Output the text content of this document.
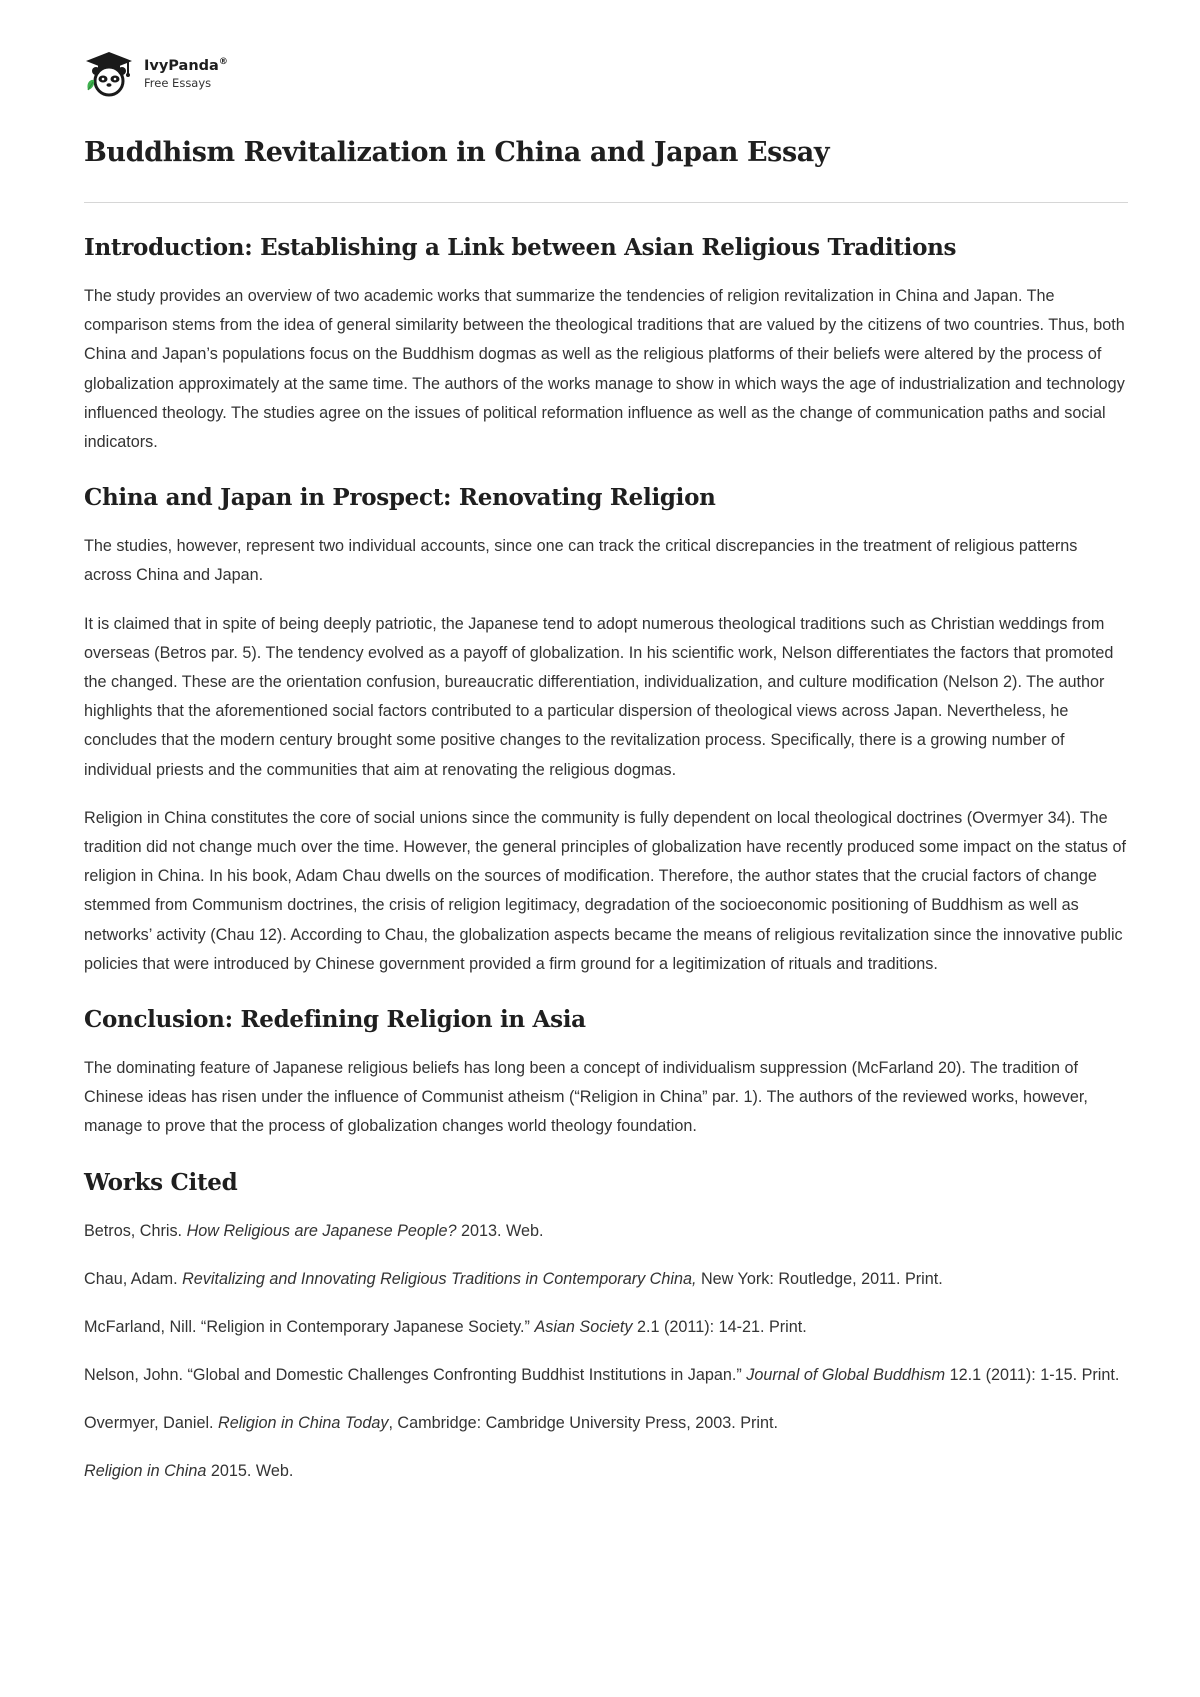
IvyPanda®
Free Essays
Buddhism Revitalization in China and Japan Essay
Introduction: Establishing a Link between Asian Religious Traditions

The study provides an overview of two academic works that summarize the tendencies of religion revitalization in China and Japan. The comparison stems from the idea of general similarity between the theological traditions that are valued by the citizens of two countries. Thus, both China and Japan’s populations focus on the Buddhism dogmas as well as the religious platforms of their beliefs were altered by the process of globalization approximately at the same time. The authors of the works manage to show in which ways the age of industrialization and technology influenced theology. The studies agree on the issues of political reformation influence as well as the change of communication paths and social indicators.

China and Japan in Prospect: Renovating Religion

The studies, however, represent two individual accounts, since one can track the critical discrepancies in the treatment of religious patterns across China and Japan.

It is claimed that in spite of being deeply patriotic, the Japanese tend to adopt numerous theological traditions such as Christian weddings from overseas (Betros par. 5). The tendency evolved as a payoff of globalization. In his scientific work, Nelson differentiates the factors that promoted the changed. These are the orientation confusion, bureaucratic differentiation, individualization, and culture modification (Nelson 2). The author highlights that the aforementioned social factors contributed to a particular dispersion of theological views across Japan. Nevertheless, he concludes that the modern century brought some positive changes to the revitalization process. Specifically, there is a growing number of individual priests and the communities that aim at renovating the religious dogmas.

Religion in China constitutes the core of social unions since the community is fully dependent on local theological doctrines (Overmyer 34). The tradition did not change much over the time. However, the general principles of globalization have recently produced some impact on the status of religion in China. In his book, Adam Chau dwells on the sources of modification. Therefore, the author states that the crucial factors of change stemmed from Communism doctrines, the crisis of religion legitimacy, degradation of the socioeconomic positioning of Buddhism as well as networks’ activity (Chau 12). According to Chau, the globalization aspects became the means of religious revitalization since the innovative public policies that were introduced by Chinese government provided a firm ground for a legitimization of rituals and traditions.

Conclusion: Redefining Religion in Asia

The dominating feature of Japanese religious beliefs has long been a concept of individualism suppression (McFarland 20). The tradition of Chinese ideas has risen under the influence of Communist atheism (“Religion in China” par. 1). The authors of the reviewed works, however, manage to prove that the process of globalization changes world theology foundation.

Works Cited
Betros, Chris. How Religious are Japanese People? 2013. Web.
Chau, Adam. Revitalizing and Innovating Religious Traditions in Contemporary China, New York: Routledge, 2011. Print.
McFarland, Nill. “Religion in Contemporary Japanese Society.” Asian Society 2.1 (2011): 14-21. Print.
Nelson, John. “Global and Domestic Challenges Confronting Buddhist Institutions in Japan.” Journal of Global Buddhism 12.1 (2011): 1-15. Print.
Overmyer, Daniel. Religion in China Today, Cambridge: Cambridge University Press, 2003. Print.
Religion in China 2015. Web.
